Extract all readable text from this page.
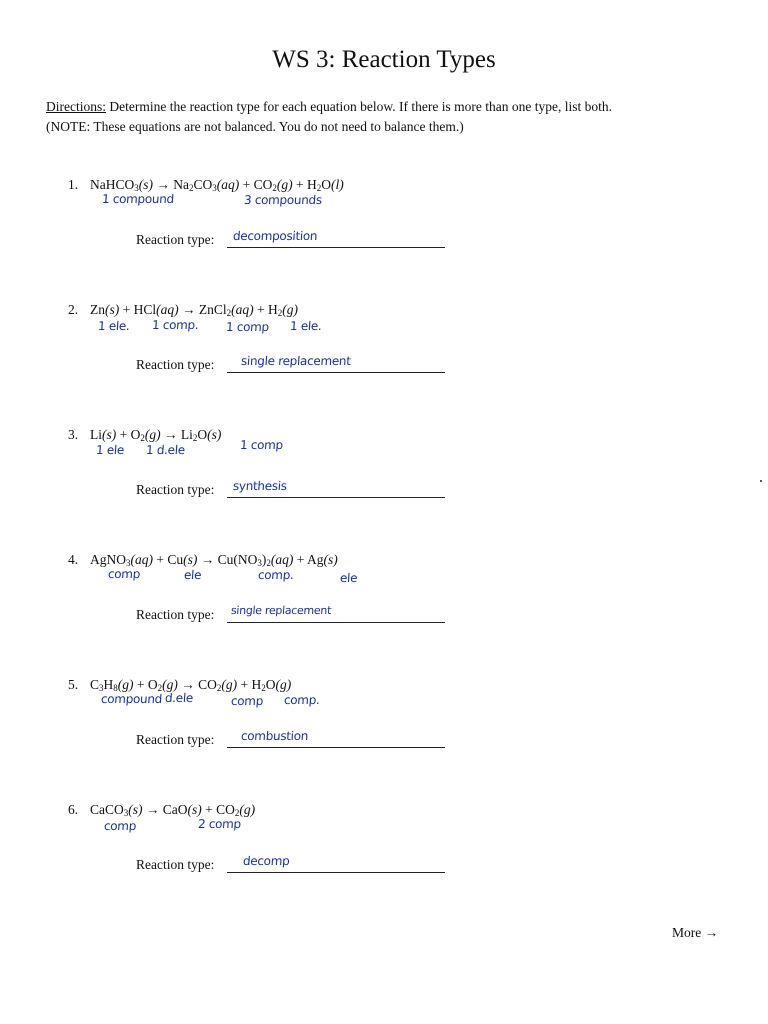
WS 3: Reaction Types
Directions: Determine the reaction type for each equation below. If there is more than one type, list both.
(NOTE: These equations are not balanced. You do not need to balance them.)
1. NaHCO$_3$(s) → $Na_2CO_3(aq) + CO_2(g) + H_2O(l)$
1 compound	3 compounds
Reaction type: decomposition
2. Zn(s) + HCl(aq) → ZnCl$_2$(aq) + $H_2(g)$
1 ele. 1 comp. 1 comp 1 ele.
Reaction type: single replacement
3. $Li(s) + O_2(g) \to Li_2O(s)$
1 ele 1 d.ele	1 comp
Reaction type: synthesis
4. AgNO$_3$(aq) + $Cu(s) \to Cu(NO_3)_2(aq) + Ag(s)$
comp	ele	comp.	ele
Reaction type: single replacement
5. $C_3H_8(g) + O_2(g) \to CO_2(g) + H_2O(g)$
compound d.ele	comp comp.
Reaction type: combustion
6. CaCO$_3$(s) → $CaO(s) + CO_2(g)$
comp	2 comp
Reaction type: decomp
More →
